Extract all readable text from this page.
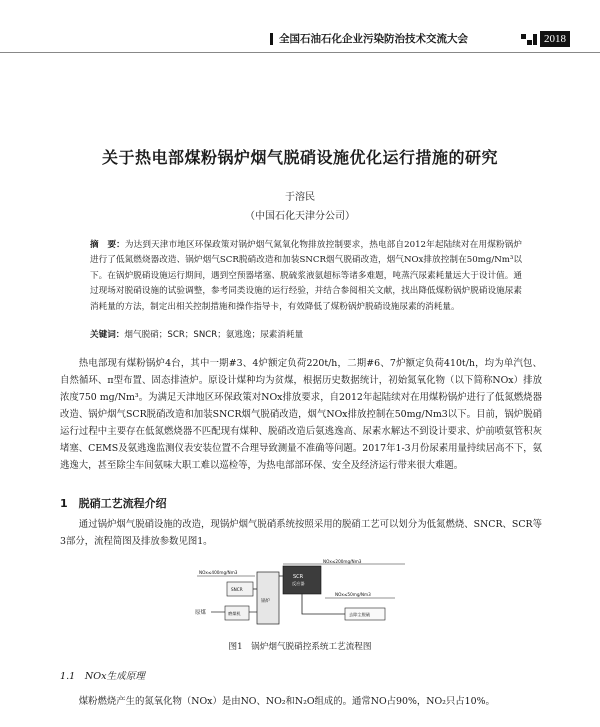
全国石油石化企业污染防治技术交流大会	2018
关于热电部煤粉锅炉烟气脱硝设施优化运行措施的研究
于溶民
（中国石化天津分公司）
摘　要：为达到天津市地区环保政策对锅炉烟气氮氧化物排放控制要求，热电部自2012年起陆续对在用煤粉锅炉进行了低氮燃烧器改造、锅炉烟气SCR脱硝改造和加装SNCR烟气脱硝改造，烟气NOx排放控制在50mg/Nm³以下。在锅炉脱硝设施运行期间，遇到空预器堵塞、脱硫浆液氨超标等诸多难题，吨蒸汽尿素耗量远大于设计值。通过现场对脱硝设施的试验调整，参考同类设施的运行经验，并结合参阅相关文献，找出降低煤粉锅炉脱硝设施尿素消耗量的方法，制定出相关控制措施和操作指导卡，有效降低了煤粉锅炉脱硝设施尿素的消耗量。
关键词：烟气脱硝；SCR；SNCR；氨逃逸；尿素消耗量

热电部现有煤粉锅炉4台，其中一期#3、4炉额定负荷220t/h，二期#6、7炉额定负荷410t/h，均为单汽包、自然循环、π型布置、固态排渣炉。原设计煤种均为贫煤，根据历史数据统计，初始氮氧化物（以下简称NOx）排放浓度750 mg/Nm³。为满足天津地区环保政策对NOx排放要求，自2012年起陆续对在用煤粉锅炉进行了低氮燃烧器改造、锅炉烟气SCR脱硝改造和加装SNCR烟气脱硝改造，烟气NOx排放控制在50mg/Nm3以下。目前，锅炉脱硝运行过程中主要存在低氮燃烧器不匹配现有煤种、脱硝改造后氨逃逸高、尿素水解达不到设计要求、炉前喷氨管积灰堵塞、CEMS及氨逃逸监测仪表安装位置不合理导致测量不准确等问题。2017年1-3月份尿素用量持续居高不下，氨逃逸大，甚至除尘车间氨味大职工难以巡检等，为热电部部环保、安全及经济运行带来很大难题。

1　脱硝工艺流程介绍

通过锅炉烟气脱硝设施的改造，现锅炉烟气脱硝系统按照采用的脱硝工艺可以划分为低氮燃烧、SNCR、SCR等3部分，流程简图及排放参数见图1。

NOx≤200mg/Nm3
SCR
反应器
NOx≤400mg/Nm3
SNCR
锅炉
NOx≤50mg/Nm3
去除尘脱硫
原煤	磨煤机
图1　锅炉烟气脱硝控系统工艺流程图
1.1　NOx生成原理

煤粉燃烧产生的氮氧化物（NOx）是由NO、NO₂和N₂O组成的。通常NO占90%，NO₂只占10%。
